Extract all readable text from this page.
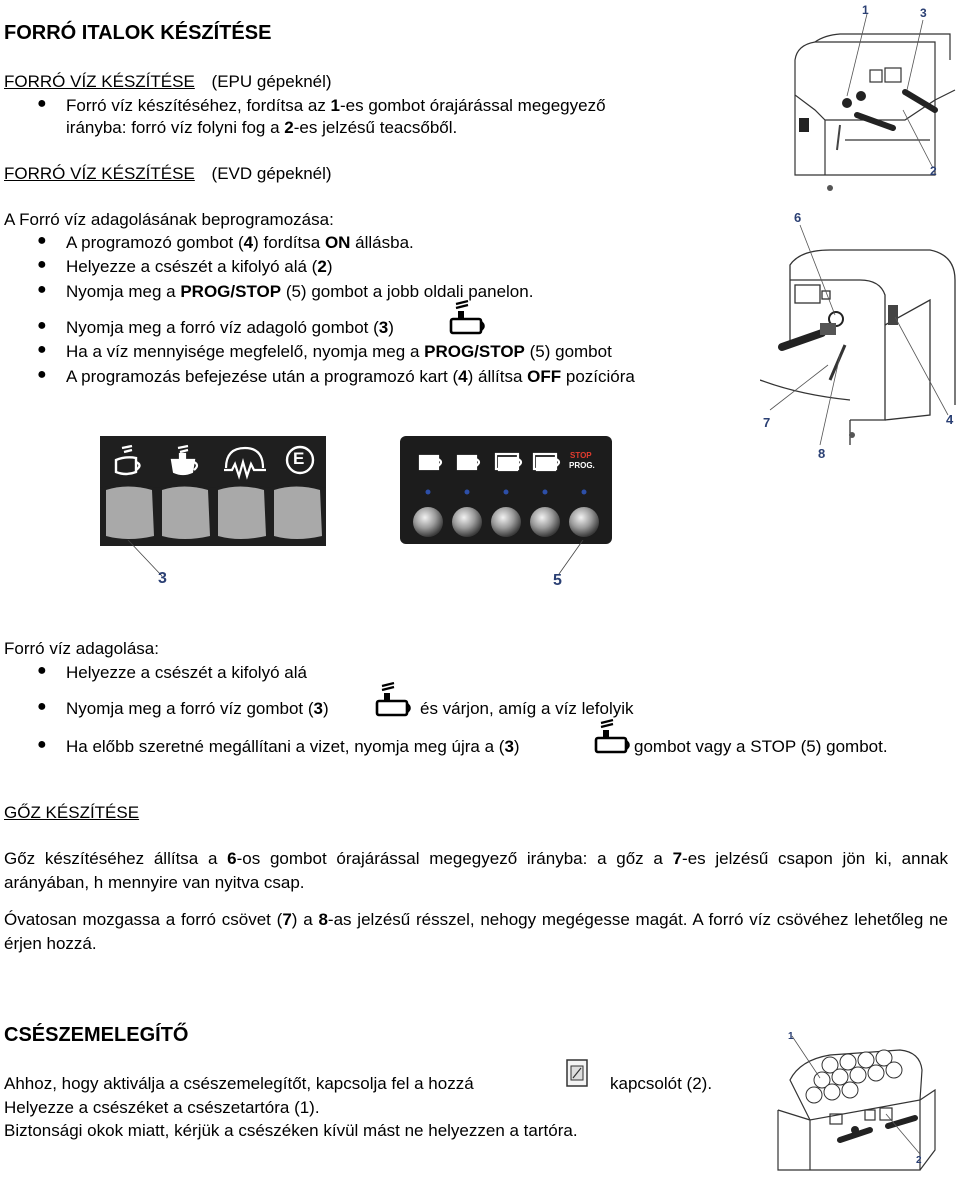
FORRÓ ITALOK KÉSZÍTÉSE
FORRÓ VÍZ KÉSZÍTÉSE (EPU gépeknél)
● Forró víz készítéséhez, fordítsa az 1-es gombot órajárással megegyező
irányba: forró víz folyni fog a 2-es jelzésű teacsőből.
FORRÓ VÍZ KÉSZÍTÉSE (EVD gépeknél)
A Forró víz adagolásának beprogramozása:
● A programozó gombot (4) fordítsa ON állásba.
● Helyezze a csészét a kifolyó alá (2)
● Nyomja meg a PROG/STOP (5) gombot a jobb oldali panelon.
● Nyomja meg a forró víz adagoló gombot (3)
● Ha a víz mennyisége megfelelő, nyomja meg a PROG/STOP (5) gombot
● A programozás befejezése után a programozó kart (4) állítsa OFF pozícióra
1	3
2
6
7
8
4
E
3
STOP
PROG.
5
Forró víz adagolása:
● Helyezze a csészét a kifolyó alá
● Nyomja meg a forró víz gombot (3)	és várjon, amíg a víz lefolyik
● Ha előbb szeretné megállítani a vizet, nyomja meg újra a (3)	gombot vagy a STOP (5) gombot.
GŐZ KÉSZÍTÉSE
Gőz készítéséhez állítsa a 6-os gombot órajárással megegyező irányba: a gőz a 7-es jelzésű csapon jön ki, annak arányában, h mennyire van nyitva csap.
Óvatosan mozgassa a forró csövet (7) a 8-as jelzésű résszel, nehogy megégesse magát. A forró víz csövéhez lehetőleg ne érjen hozzá.
CSÉSZEMELEGÍTŐ
Ahhoz, hogy aktiválja a csészemelegítőt, kapcsolja fel a hozzá	kapcsolót (2).
Helyezze a csészéket a csészetartóra (1).
Biztonsági okok miatt, kérjük a csészéken kívül mást ne helyezzen a tartóra.
1
2
